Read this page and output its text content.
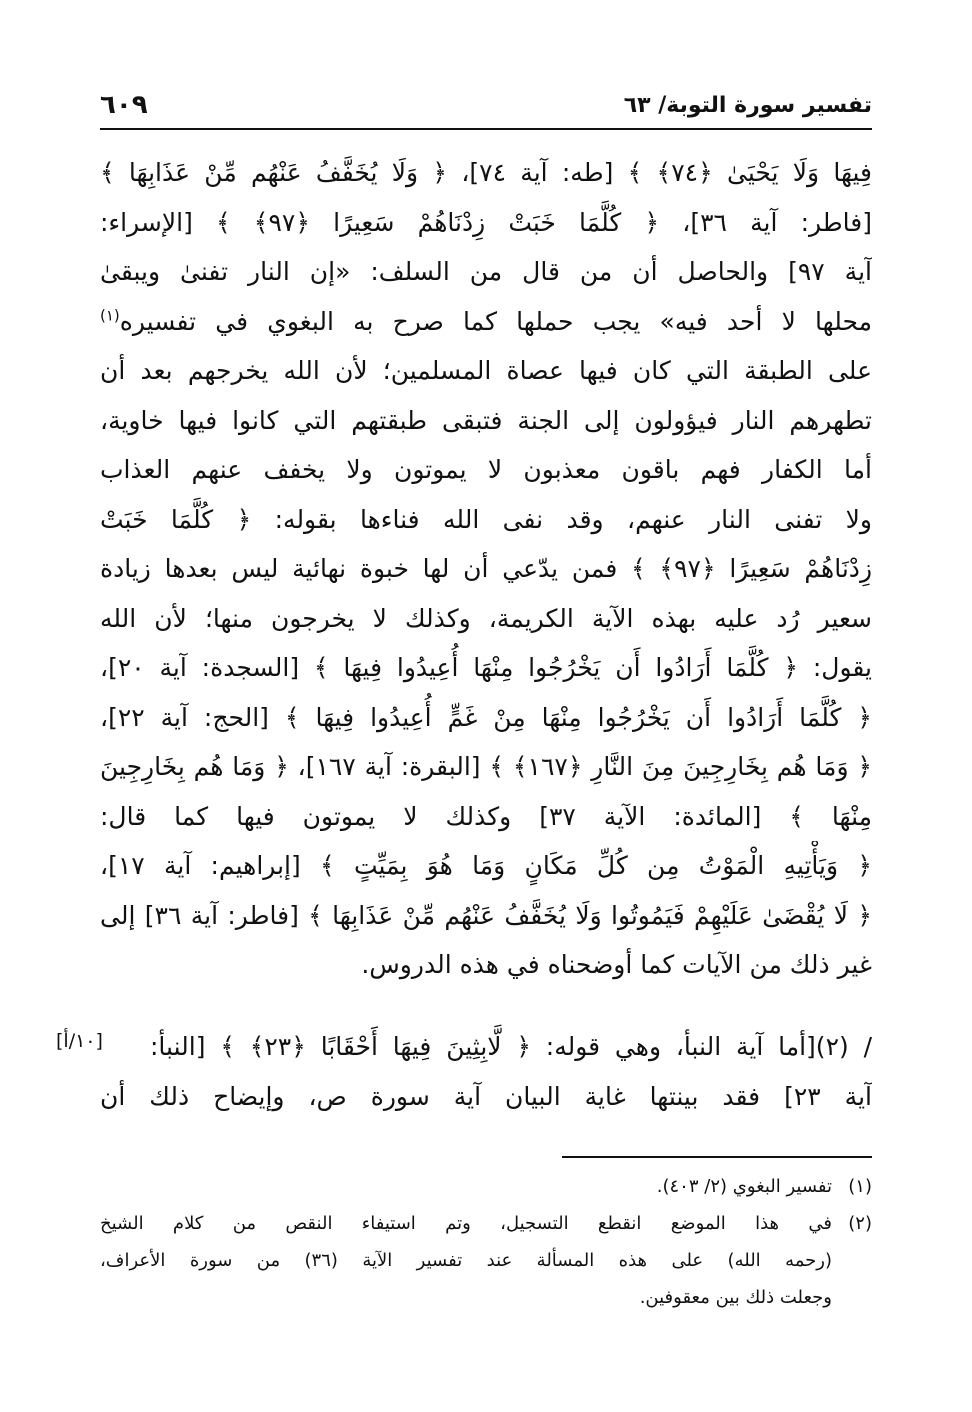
تفسير سورة التوبة/ ٦٣
٦٠٩
فِيهَا وَلَا يَحْيَىٰ ﴿٧٤﴾ ﴾ [طه: آية ٧٤]، ﴿ وَلَا يُخَفَّفُ عَنْهُم مِّنْ عَذَابِهَا ﴾
[فاطر: آية ٣٦]، ﴿ كُلَّمَا خَبَتْ زِدْنَاهُمْ سَعِيرًا ﴿٩٧﴾ ﴾ [الإسراء:
آية ٩٧] والحاصل أن من قال من السلف: «إن النار تفنىٰ ويبقىٰ
محلها لا أحد فيه» يجب حملها كما صرح به البغوي في تفسيره$^{(١)}$
على الطبقة التي كان فيها عصاة المسلمين؛ لأن الله يخرجهم بعد أن
تطهرهم النار فيؤولون إلى الجنة فتبقى طبقتهم التي كانوا فيها خاوية،
أما الكفار فهم باقون معذبون لا يموتون ولا يخفف عنهم العذاب
ولا تفنى النار عنهم، وقد نفى الله فناءها بقوله: ﴿ كُلَّمَا خَبَتْ
زِدْنَاهُمْ سَعِيرًا ﴿٩٧﴾ ﴾ فمن يدّعي أن لها خبوة نهائية ليس بعدها زيادة
سعير رُد عليه بهذه الآية الكريمة، وكذلك لا يخرجون منها؛ لأن الله
يقول: ﴿ كُلَّمَا أَرَادُوا أَن يَخْرُجُوا مِنْهَا أُعِيدُوا فِيهَا ﴾ [السجدة: آية ٢٠]،
﴿ كُلَّمَا أَرَادُوا أَن يَخْرُجُوا مِنْهَا مِنْ غَمٍّ أُعِيدُوا فِيهَا ﴾ [الحج: آية ٢٢]،
﴿ وَمَا هُم بِخَارِجِينَ مِنَ النَّارِ ﴿١٦٧﴾ ﴾ [البقرة: آية ١٦٧]، ﴿ وَمَا هُم بِخَارِجِينَ
مِنْهَا ﴾ [المائدة: الآية ٣٧] وكذلك لا يموتون فيها كما قال:
﴿ وَيَأْتِيهِ الْمَوْتُ مِن كُلِّ مَكَانٍ وَمَا هُوَ بِمَيِّتٍ ﴾ [إبراهيم: آية ١٧]،
﴿ لَا يُقْضَىٰ عَلَيْهِمْ فَيَمُوتُوا وَلَا يُخَفَّفُ عَنْهُم مِّنْ عَذَابِهَا ﴾ [فاطر: آية ٣٦] إلى
غير ذلك من الآيات كما أوضحناه في هذه الدروس.
/ (٢)[أما آية النبأ، وهي قوله: ﴿ لَّابِثِينَ فِيهَا أَحْقَابًا ﴿٢٣﴾ ﴾ [النبأ:
آية ٢٣] فقد بينتها غاية البيان آية سورة ص، وإيضاح ذلك أن
[١٠/أ]
(١)
تفسير البغوي (٢/ ٤٠٣).
(٢)
في هذا الموضع انقطع التسجيل، وتم استيفاء النقص من كلام الشيخ
(رحمه الله) على هذه المسألة عند تفسير الآية (٣٦) من سورة الأعراف،
وجعلت ذلك بين معقوفين.
